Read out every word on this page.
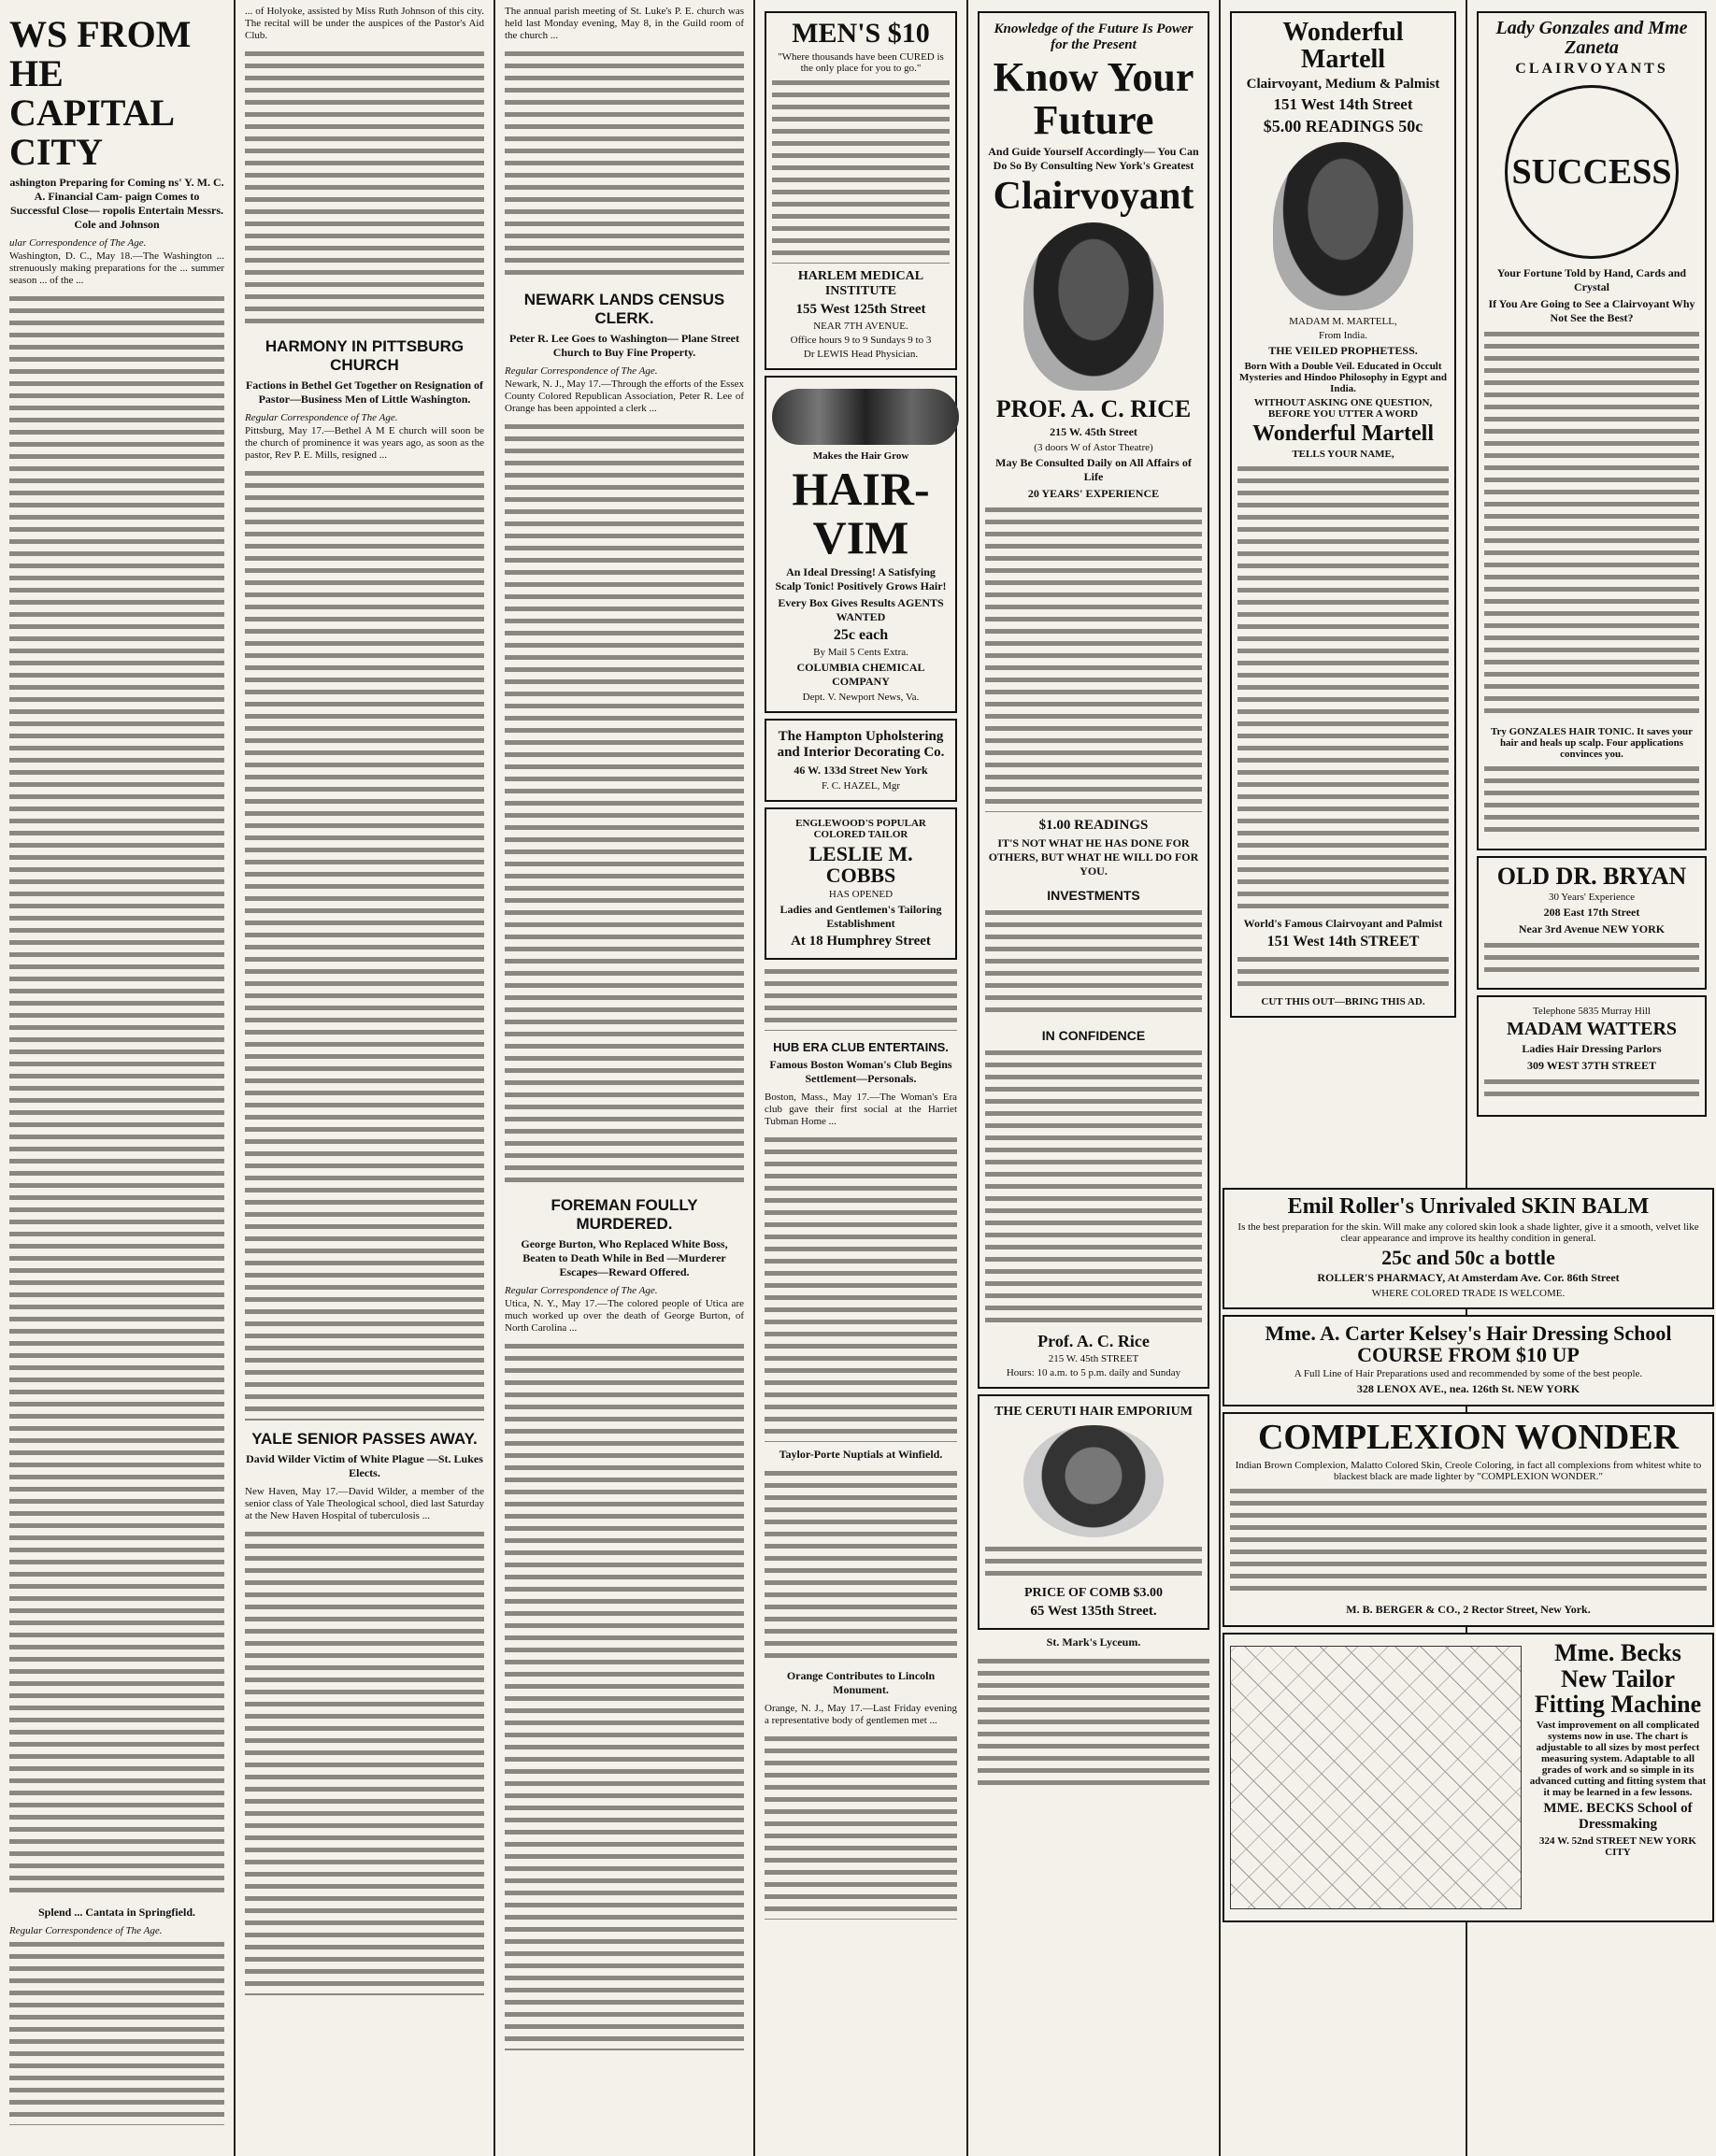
WS FROM HE CAPITAL CITY
ashington Preparing for Coming ns' Y. M. C. A. Financial Cam- paign Comes to Successful Close— ropolis Entertain Messrs. Cole and Johnson
ular Correspondence of The Age.

Washington, D. C., May 18.—The Washington ... strenuously making preparations for the ... summer season ... of the ...

Splend ... Cantata in Springfield.
Regular Correspondence of The Age.

... of Holyoke, assisted by Miss Ruth Johnson of this city. The recital will be under the auspices of the Pastor's Aid Club.

HARMONY IN PITTSBURG CHURCH
Factions in Bethel Get Together on Resignation of Pastor—Business Men of Little Washington.
Regular Correspondence of The Age.

Pittsburg, May 17.—Bethel A M E church will soon be the church of prominence it was years ago, as soon as the pastor, Rev P. E. Mills, resigned ...

YALE SENIOR PASSES AWAY.
David Wilder Victim of White Plague —St. Lukes Elects.

New Haven, May 17.—David Wilder, a member of the senior class of Yale Theological school, died last Saturday at the New Haven Hospital of tuberculosis ...

The annual parish meeting of St. Luke's P. E. church was held last Monday evening, May 8, in the Guild room of the church ...

NEWARK LANDS CENSUS CLERK.
Peter R. Lee Goes to Washington— Plane Street Church to Buy Fine Property.
Regular Correspondence of The Age.

Newark, N. J., May 17.—Through the efforts of the Essex County Colored Republican Association, Peter R. Lee of Orange has been appointed a clerk ...

FOREMAN FOULLY MURDERED.
George Burton, Who Replaced White Boss, Beaten to Death While in Bed —Murderer Escapes—Reward Offered.
Regular Correspondence of The Age.

Utica, N. Y., May 17.—The colored people of Utica are much worked up over the death of George Burton, of North Carolina ...

MEN'S $10
"Where thousands have been CURED is the only place for you to go."
HARLEM MEDICAL INSTITUTE
155 West 125th Street
NEAR 7TH AVENUE.
Office hours 9 to 9 Sundays 9 to 3
Dr LEWIS Head Physician.
Makes the Hair Grow
HAIR-VIM
An Ideal Dressing! A Satisfying Scalp Tonic! Positively Grows Hair!
Every Box Gives Results AGENTS WANTED
25c each
By Mail 5 Cents Extra.
COLUMBIA CHEMICAL COMPANY
Dept. V. Newport News, Va.
The Hampton Upholstering and Interior Decorating Co.
46 W. 133d Street New York
F. C. HAZEL, Mgr
ENGLEWOOD'S POPULAR COLORED TAILOR
LESLIE M. COBBS
HAS OPENED
Ladies and Gentlemen's Tailoring Establishment
At 18 Humphrey Street
HUB ERA CLUB ENTERTAINS.
Famous Boston Woman's Club Begins Settlement—Personals.

Boston, Mass., May 17.—The Woman's Era club gave their first social at the Harriet Tubman Home ...

Taylor-Porte Nuptials at Winfield.
Orange Contributes to Lincoln Monument.

Orange, N. J., May 17.—Last Friday evening a representative body of gentlemen met ...

Knowledge of the Future Is Power for the Present
Know Your Future
And Guide Yourself Accordingly— You Can Do So By Consulting New York's Greatest
Clairvoyant
PROF. A. C. RICE
215 W. 45th Street
(3 doors W of Astor Theatre)
May Be Consulted Daily on All Affairs of Life
20 YEARS' EXPERIENCE
$1.00 READINGS
IT'S NOT WHAT HE HAS DONE FOR OTHERS, BUT WHAT HE WILL DO FOR YOU.
INVESTMENTS
IN CONFIDENCE
Prof. A. C. Rice
215 W. 45th STREET
Hours: 10 a.m. to 5 p.m. daily and Sunday
THE CERUTI HAIR EMPORIUM
PRICE OF COMB $3.00
65 West 135th Street.
St. Mark's Lyceum.
Wonderful Martell
Clairvoyant, Medium & Palmist
151 West 14th Street
$5.00 READINGS 50c
MADAM M. MARTELL,
From India.
THE VEILED PROPHETESS.
Born With a Double Veil. Educated in Occult Mysteries and Hindoo Philosophy in Egypt and India.
WITHOUT ASKING ONE QUESTION, BEFORE YOU UTTER A WORD
Wonderful Martell
TELLS YOUR NAME,
World's Famous Clairvoyant and Palmist
151 West 14th STREET
CUT THIS OUT—BRING THIS AD.
Lady Gonzales and Mme Zaneta
CLAIRVOYANTS
SUCCESS
Your Fortune Told by Hand, Cards and Crystal
If You Are Going to See a Clairvoyant Why Not See the Best?
Try GONZALES HAIR TONIC. It saves your hair and heals up scalp. Four applications convinces you.
OLD DR. BRYAN
30 Years' Experience
208 East 17th Street
Near 3rd Avenue NEW YORK
Telephone 5835 Murray Hill
MADAM WATTERS
Ladies Hair Dressing Parlors
309 WEST 37TH STREET
Emil Roller's Unrivaled SKIN BALM
Is the best preparation for the skin. Will make any colored skin look a shade lighter, give it a smooth, velvet like clear appearance and improve its healthy condition in general.
25c and 50c a bottle
ROLLER'S PHARMACY, At Amsterdam Ave. Cor. 86th Street
WHERE COLORED TRADE IS WELCOME.
Mme. A. Carter Kelsey's Hair Dressing School
COURSE FROM $10 UP
A Full Line of Hair Preparations used and recommended by some of the best people.
328 LENOX AVE., nea. 126th St. NEW YORK
COMPLEXION WONDER
Indian Brown Complexion, Malatto Colored Skin, Creole Coloring, in fact all complexions from whitest white to blackest black are made lighter by "COMPLEXION WONDER."
M. B. BERGER & CO., 2 Rector Street, New York.
Mme. Becks New Tailor Fitting Machine
Vast improvement on all complicated systems now in use. The chart is adjustable to all sizes by most perfect measuring system. Adaptable to all grades of work and so simple in its advanced cutting and fitting system that it may be learned in a few lessons.
MME. BECKS School of Dressmaking
324 W. 52nd STREET NEW YORK CITY
